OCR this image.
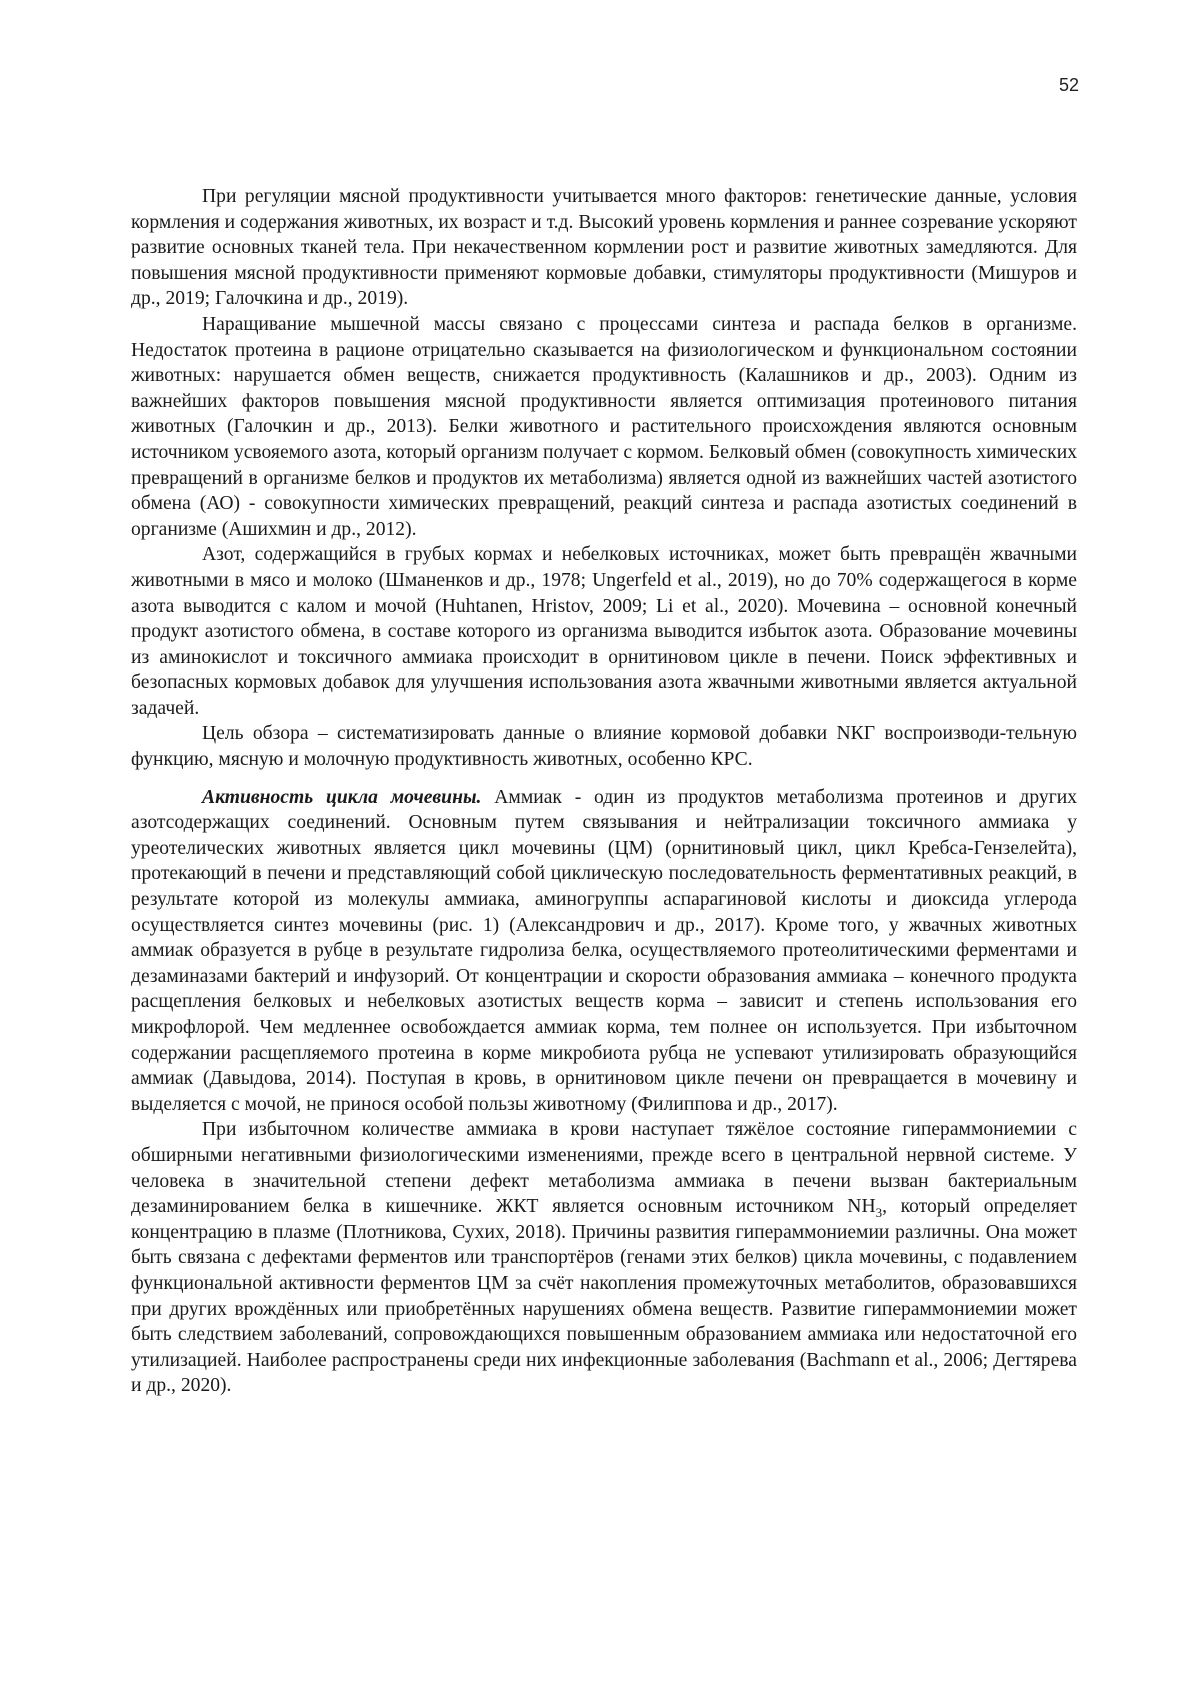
52

При регуляции мясной продуктивности учитывается много факторов: генетические данные, условия кормления и содержания животных, их возраст и т.д. Высокий уровень кормления и раннее созревание ускоряют развитие основных тканей тела. При некачественном кормлении рост и развитие животных замедляются. Для повышения мясной продуктивности применяют кормовые добавки, стимуляторы продуктивности (Мишуров и др., 2019; Галочкина и др., 2019).

Наращивание мышечной массы связано с процессами синтеза и распада белков в организме. Недостаток протеина в рационе отрицательно сказывается на физиологическом и функциональном состоянии животных: нарушается обмен веществ, снижается продуктивность (Калашников и др., 2003). Одним из важнейших факторов повышения мясной продуктивности является оптимизация протеинового питания животных (Галочкин и др., 2013). Белки животного и растительного происхождения являются основным источником усвояемого азота, который организм получает с кормом. Белковый обмен (совокупность химических превращений в организме белков и продуктов их метаболизма) является одной из важнейших частей азотистого обмена (АО) - совокупности химических превращений, реакций синтеза и распада азотистых соединений в организме (Ашихмин и др., 2012).

Азот, содержащийся в грубых кормах и небелковых источниках, может быть превращён жвачными животными в мясо и молоко (Шманенков и др., 1978; Ungerfeld et al., 2019), но до 70% содержащегося в корме азота выводится с калом и мочой (Huhtanen, Hristov, 2009; Li et al., 2020). Мочевина – основной конечный продукт азотистого обмена, в составе которого из организма выводится избыток азота. Образование мочевины из аминокислот и токсичного аммиака происходит в орнитиновом цикле в печени. Поиск эффективных и безопасных кормовых добавок для улучшения использования азота жвачными животными является актуальной задачей.

Цель обзора – систематизировать данные о влияние кормовой добавки NКГ воспроизводи-тельную функцию, мясную и молочную продуктивность животных, особенно КРС.

Активность цикла мочевины. Аммиак - один из продуктов метаболизма протеинов и других азотсодержащих соединений. Основным путем связывания и нейтрализации токсичного аммиака у уреотелических животных является цикл мочевины (ЦМ) (орнитиновый цикл, цикл Кребса-Гензелейта), протекающий в печени и представляющий собой циклическую последовательность ферментативных реакций, в результате которой из молекулы аммиака, аминогруппы аспарагиновой кислоты и диоксида углерода осуществляется синтез мочевины (рис. 1) (Александрович и др., 2017). Кроме того, у жвачных животных аммиак образуется в рубце в результате гидролиза белка, осуществляемого протеолитическими ферментами и дезаминазами бактерий и инфузорий. От концентрации и скорости образования аммиака – конечного продукта расщепления белковых и небелковых азотистых веществ корма – зависит и степень использования его микрофлорой. Чем медленнее освобождается аммиак корма, тем полнее он используется. При избыточном содержании расщепляемого протеина в корме микробиота рубца не успевают утилизировать образующийся аммиак (Давыдова, 2014). Поступая в кровь, в орнитиновом цикле печени он превращается в мочевину и выделяется с мочой, не принося особой пользы животному (Филиппова и др., 2017).

При избыточном количестве аммиака в крови наступает тяжёлое состояние гипераммониемии с обширными негативными физиологическими изменениями, прежде всего в центральной нервной системе. У человека в значительной степени дефект метаболизма аммиака в печени вызван бактериальным дезаминированием белка в кишечнике. ЖКТ является основным источником $NH_3$, который определяет концентрацию в плазме (Плотникова, Сухих, 2018). Причины развития гипераммониемии различны. Она может быть связана с дефектами ферментов или транспортёров (генами этих белков) цикла мочевины, с подавлением функциональной активности ферментов ЦМ за счёт накопления промежуточных метаболитов, образовавшихся при других врождённых или приобретённых нарушениях обмена веществ. Развитие гипераммониемии может быть следствием заболеваний, сопровождающихся повышенным образованием аммиака или недостаточной его утилизацией. Наиболее распространены среди них инфекционные заболевания (Bachmann et al., 2006; Дегтярева и др., 2020).
